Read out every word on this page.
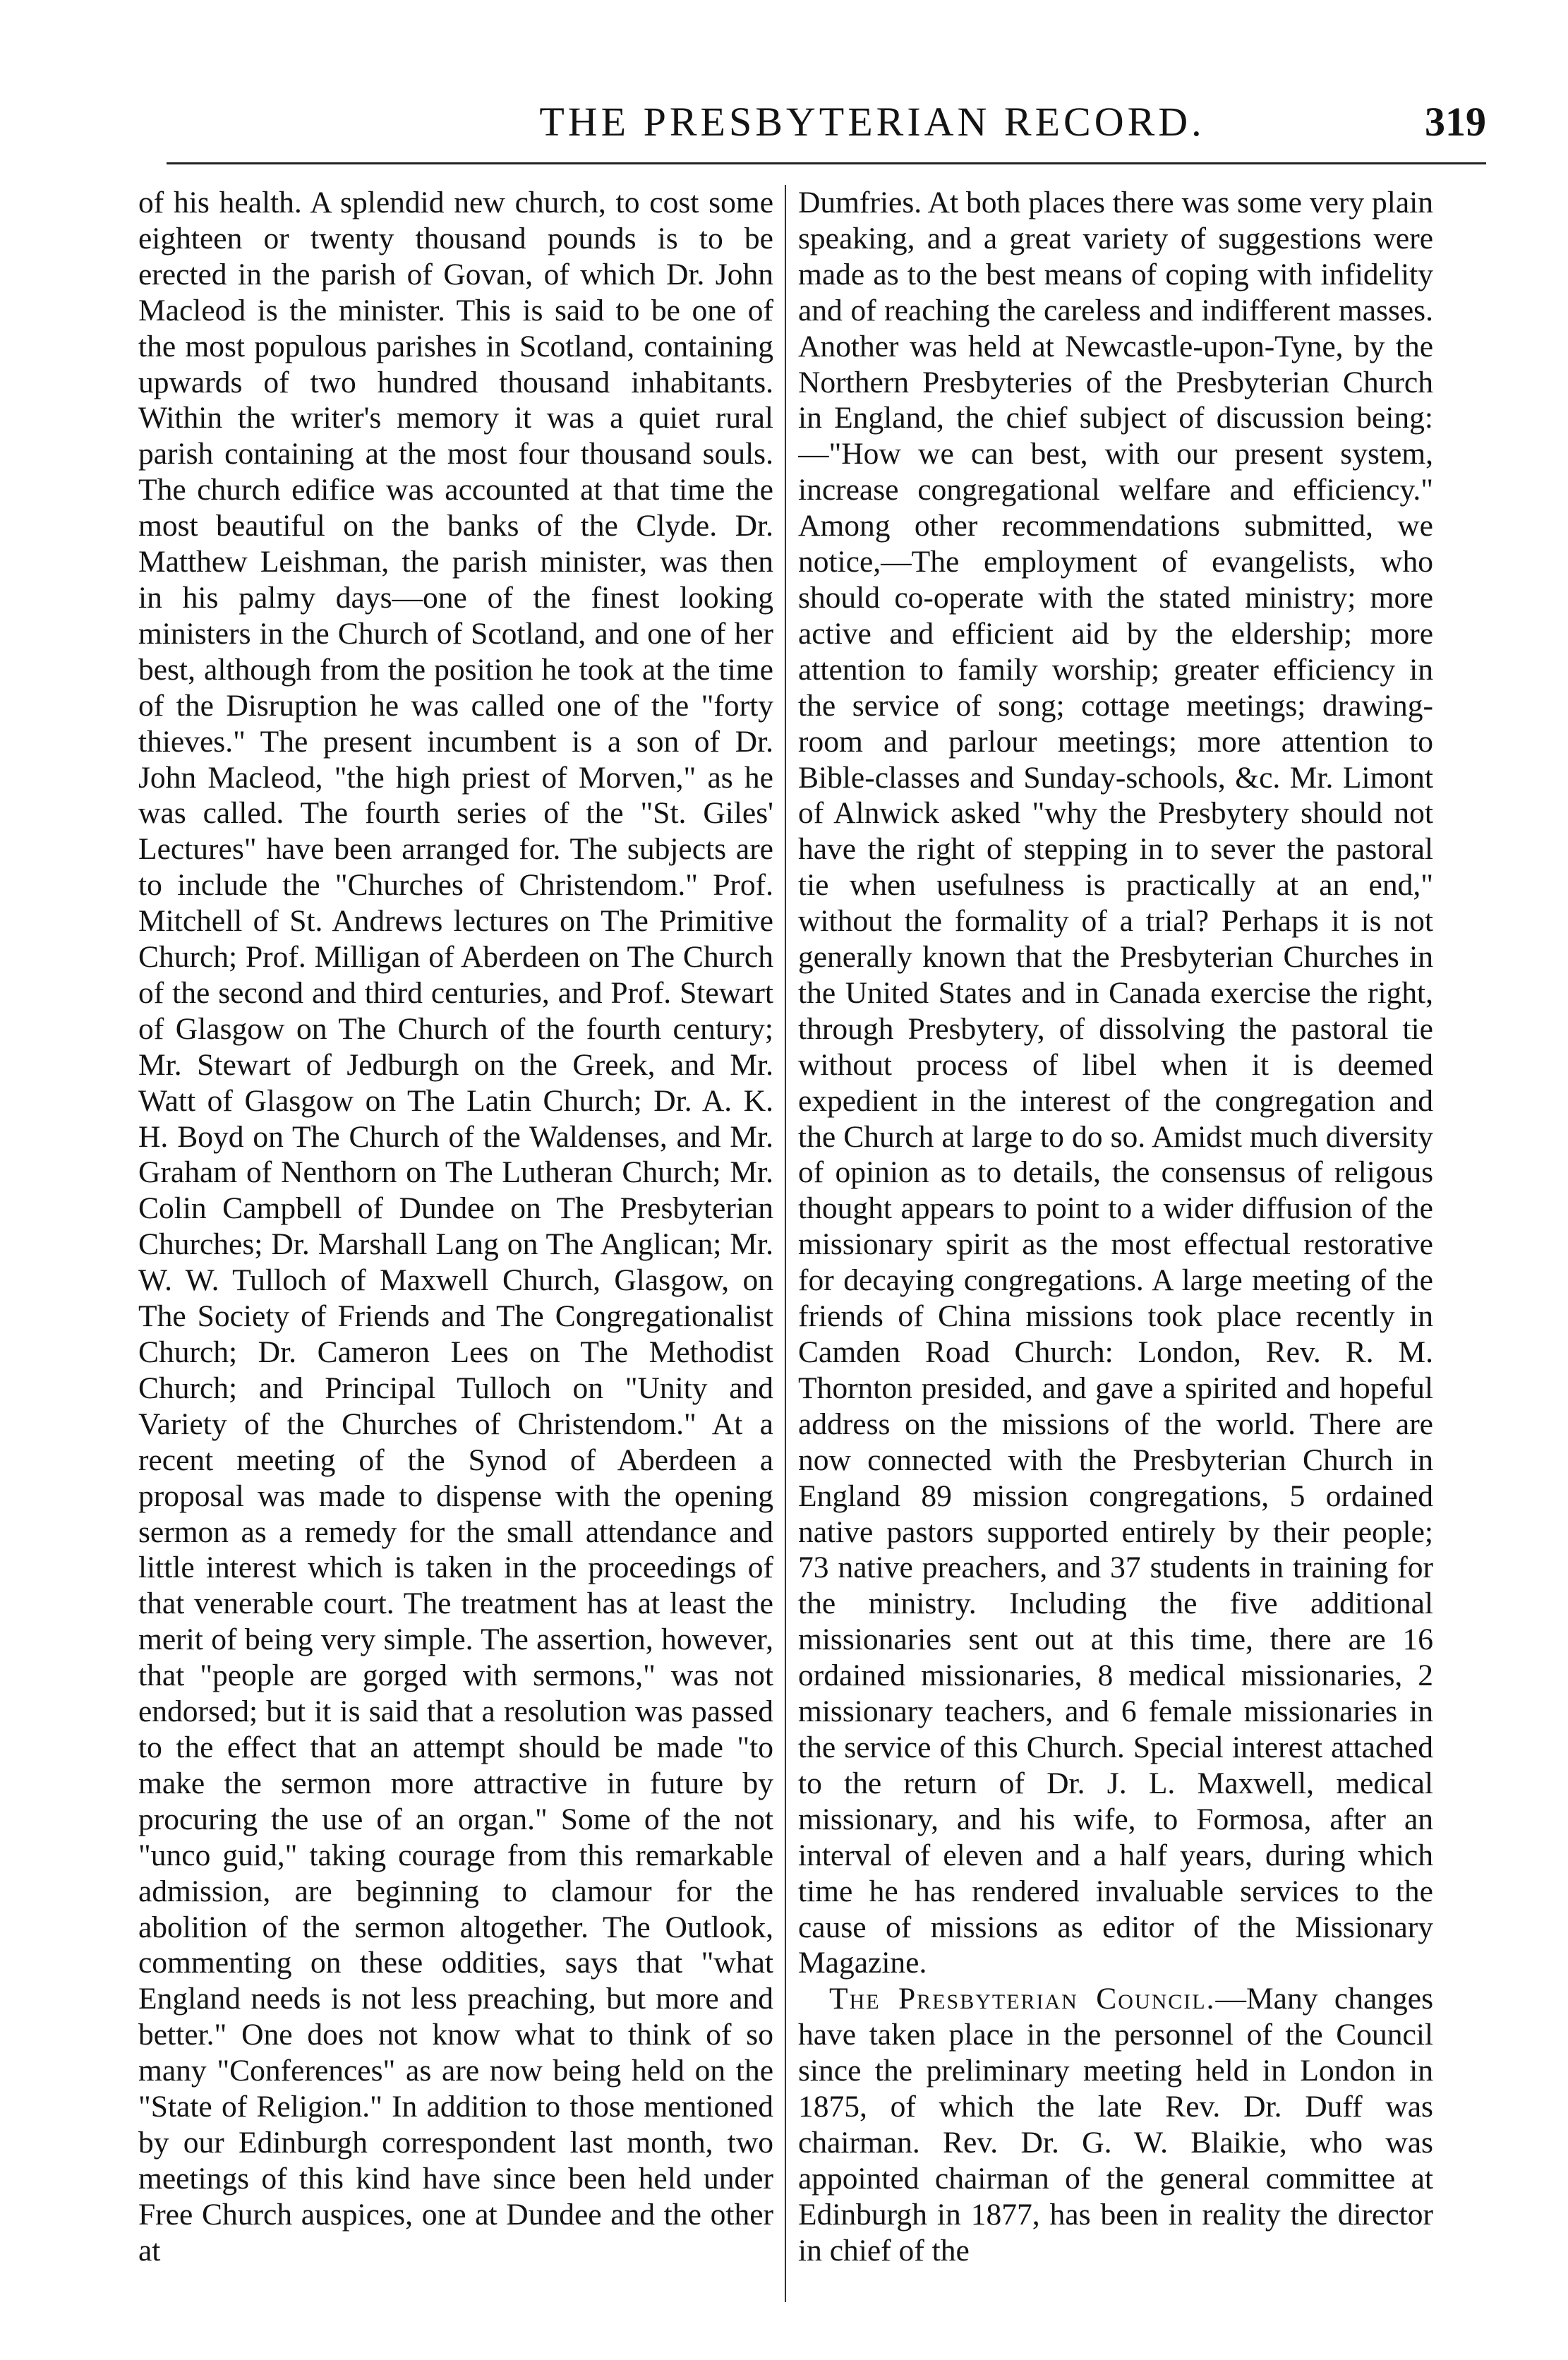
THE PRESBYTERIAN RECORD.	319
of his health. A splendid new church, to cost some eighteen or twenty thousand pounds is to be erected in the parish of Govan, of which Dr. John Macleod is the minister. This is said to be one of the most populous parishes in Scotland, containing upwards of two hundred thousand inhabitants. Within the writer's memory it was a quiet rural parish containing at the most four thousand souls. The church edifice was accounted at that time the most beautiful on the banks of the Clyde. Dr. Matthew Leishman, the parish minister, was then in his palmy days—one of the finest looking ministers in the Church of Scotland, and one of her best, although from the position he took at the time of the Disruption he was called one of the "forty thieves." The present incumbent is a son of Dr. John Macleod, "the high priest of Morven," as he was called. The fourth series of the "St. Giles' Lectures" have been arranged for. The subjects are to include the "Churches of Christendom." Prof. Mitchell of St. Andrews lectures on The Primitive Church; Prof. Milligan of Aberdeen on The Church of the second and third centuries, and Prof. Stewart of Glasgow on The Church of the fourth century; Mr. Stewart of Jedburgh on the Greek, and Mr. Watt of Glasgow on The Latin Church; Dr. A. K. H. Boyd on The Church of the Waldenses, and Mr. Graham of Nenthorn on The Lutheran Church; Mr. Colin Campbell of Dundee on The Presbyterian Churches; Dr. Marshall Lang on The Anglican; Mr. W. W. Tulloch of Maxwell Church, Glasgow, on The Society of Friends and The Congregationalist Church; Dr. Cameron Lees on The Methodist Church; and Principal Tulloch on "Unity and Variety of the Churches of Christendom." At a recent meeting of the Synod of Aberdeen a proposal was made to dispense with the opening sermon as a remedy for the small attendance and little interest which is taken in the proceedings of that venerable court. The treatment has at least the merit of being very simple. The assertion, however, that "people are gorged with sermons," was not endorsed; but it is said that a resolution was passed to the effect that an attempt should be made "to make the sermon more attractive in future by procuring the use of an organ." Some of the not "unco guid," taking courage from this remarkable admission, are beginning to clamour for the abolition of the sermon altogether. The Outlook, commenting on these oddities, says that "what England needs is not less preaching, but more and better." One does not know what to think of so many "Conferences" as are now being held on the "State of Religion." In addition to those mentioned by our Edinburgh correspondent last month, two meetings of this kind have since been held under Free Church auspices, one at Dundee and the other at
Dumfries. At both places there was some very plain speaking, and a great variety of suggestions were made as to the best means of coping with infidelity and of reaching the careless and indifferent masses. Another was held at Newcastle-upon-Tyne, by the Northern Presbyteries of the Presbyterian Church in England, the chief subject of discussion being:—"How we can best, with our present system, increase congregational welfare and efficiency." Among other recommendations submitted, we notice,—The employment of evangelists, who should co-operate with the stated ministry; more active and efficient aid by the eldership; more attention to family worship; greater efficiency in the service of song; cottage meetings; drawing-room and parlour meetings; more attention to Bible-classes and Sunday-schools, &c. Mr. Limont of Alnwick asked "why the Presbytery should not have the right of stepping in to sever the pastoral tie when usefulness is practically at an end," without the formality of a trial? Perhaps it is not generally known that the Presbyterian Churches in the United States and in Canada exercise the right, through Presbytery, of dissolving the pastoral tie without process of libel when it is deemed expedient in the interest of the congregation and the Church at large to do so. Amidst much diversity of opinion as to details, the consensus of religous thought appears to point to a wider diffusion of the missionary spirit as the most effectual restorative for decaying congregations. A large meeting of the friends of China missions took place recently in Camden Road Church: London, Rev. R. M. Thornton presided, and gave a spirited and hopeful address on the missions of the world. There are now connected with the Presbyterian Church in England 89 mission congregations, 5 ordained native pastors supported entirely by their people; 73 native preachers, and 37 students in training for the ministry. Including the five additional missionaries sent out at this time, there are 16 ordained missionaries, 8 medical missionaries, 2 missionary teachers, and 6 female missionaries in the service of this Church. Special interest attached to the return of Dr. J. L. Maxwell, medical missionary, and his wife, to Formosa, after an interval of eleven and a half years, during which time he has rendered invaluable services to the cause of missions as editor of the Missionary Magazine.
The Presbyterian Council.—Many changes have taken place in the personnel of the Council since the preliminary meeting held in London in 1875, of which the late Rev. Dr. Duff was chairman. Rev. Dr. G. W. Blaikie, who was appointed chairman of the general committee at Edinburgh in 1877, has been in reality the director in chief of the
